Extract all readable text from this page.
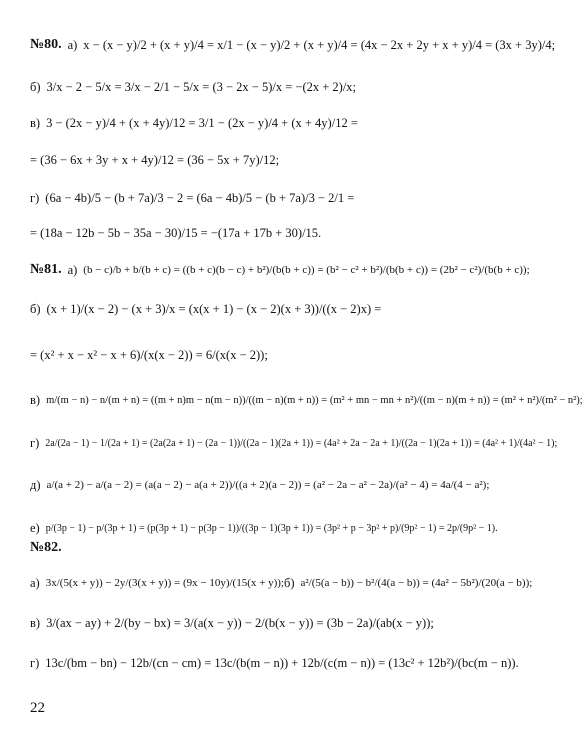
№80. а) x − (x − y)/2 + (x + y)/4 = x/1 − (x − y)/2 + (x + y)/4 = (4x − 2x + 2y + x + y)/4 = (3x + 3y)/4;
б) 3/x − 2 − 5/x = 3/x − 2/1 − 5/x = (3 − 2x − 5)/x = −(2x + 2)/x;
в) 3 − (2x − y)/4 + (x + 4y)/12 = 3/1 − (2x − y)/4 + (x + 4y)/12 =
= (36 − 6x + 3y + x + 4y)/12 = (36 − 5x + 7y)/12;
г) (6a − 4b)/5 − (b + 7a)/3 − 2 = (6a − 4b)/5 − (b + 7a)/3 − 2/1 =
= (18a − 12b − 5b − 35a − 30)/15 = −(17a + 17b + 30)/15.
№81. а) (b − c)/b + b/(b + c) = ((b + c)(b − c) + b²)/(b(b + c)) = (b² − c² + b²)/(b(b + c)) = (2b² − c²)/(b(b + c));
б) (x + 1)/(x − 2) − (x + 3)/x = (x(x + 1) − (x − 2)(x + 3))/((x − 2)x) =
= (x² + x − x² − x + 6)/(x(x − 2)) = 6/(x(x − 2));
в) m/(m − n) − n/(m + n) = ((m + n)m − n(m − n))/((m − n)(m + n)) = (m² + mn − mn + n²)/((m − n)(m + n)) = (m² + n²)/(m² − n²);
г) 2a/(2a − 1) − 1/(2a + 1) = (2a(2a + 1) − (2a − 1))/((2a − 1)(2a + 1)) = (4a² + 2a − 2a + 1)/((2a − 1)(2a + 1)) = (4a² + 1)/(4a² − 1);
д) a/(a + 2) − a/(a − 2) = (a(a − 2) − a(a + 2))/((a + 2)(a − 2)) = (a² − 2a − a² − 2a)/(a² − 4) = 4a/(4 − a²);
е) p/(3p − 1) − p/(3p + 1) = (p(3p + 1) − p(3p − 1))/((3p − 1)(3p + 1)) = (3p² + p − 3p² + p)/(9p² − 1) = 2p/(9p² − 1).
№82.
а) 3x/(5(x + y)) − 2y/(3(x + y)) = (9x − 10y)/(15(x + y)); б) a²/(5(a − b)) − b²/(4(a − b)) = (4a² − 5b²)/(20(a − b));
в) 3/(ax − ay) + 2/(by − bx) = 3/(a(x − y)) − 2/(b(x − y)) = (3b − 2a)/(ab(x − y));
г) 13c/(bm − bn) − 12b/(cn − cm) = 13c/(b(m − n)) + 12b/(c(m − n)) = (13c² + 12b²)/(bc(m − n)).
22
